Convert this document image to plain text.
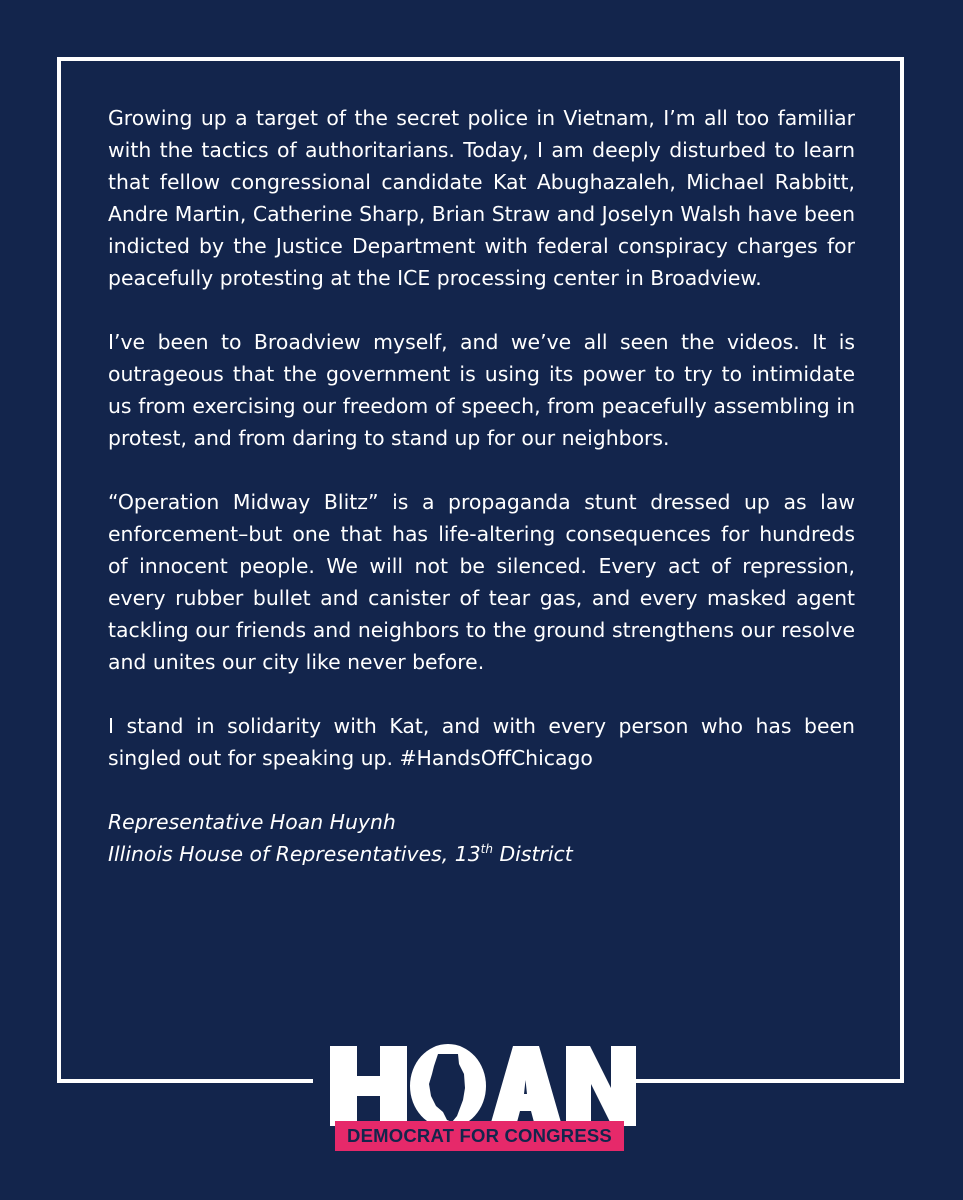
Growing up a target of the secret police in Vietnam, I’m all too familiar with the tactics of authoritarians. Today, I am deeply disturbed to learn that fellow congressional candidate Kat Abughazaleh, Michael Rabbitt, Andre Martin, Catherine Sharp, Brian Straw and Joselyn Walsh have been indicted by the Justice Department with federal conspiracy charges for peacefully protesting at the ICE processing center in Broadview.

I’ve been to Broadview myself, and we’ve all seen the videos. It is outrageous that the government is using its power to try to intimidate us from exercising our freedom of speech, from peacefully assembling in protest, and from daring to stand up for our neighbors.

“Operation Midway Blitz” is a propaganda stunt dressed up as law enforcement–but one that has life-altering consequences for hundreds of innocent people. We will not be silenced. Every act of repression, every rubber bullet and canister of tear gas, and every masked agent tackling our friends and neighbors to the ground strengthens our resolve and unites our city like never before.

I stand in solidarity with Kat, and with every person who has been singled out for speaking up. #HandsOffChicago

Representative Hoan Huynh
Illinois House of Representatives, 13th District
DEMOCRAT FOR CONGRESS
